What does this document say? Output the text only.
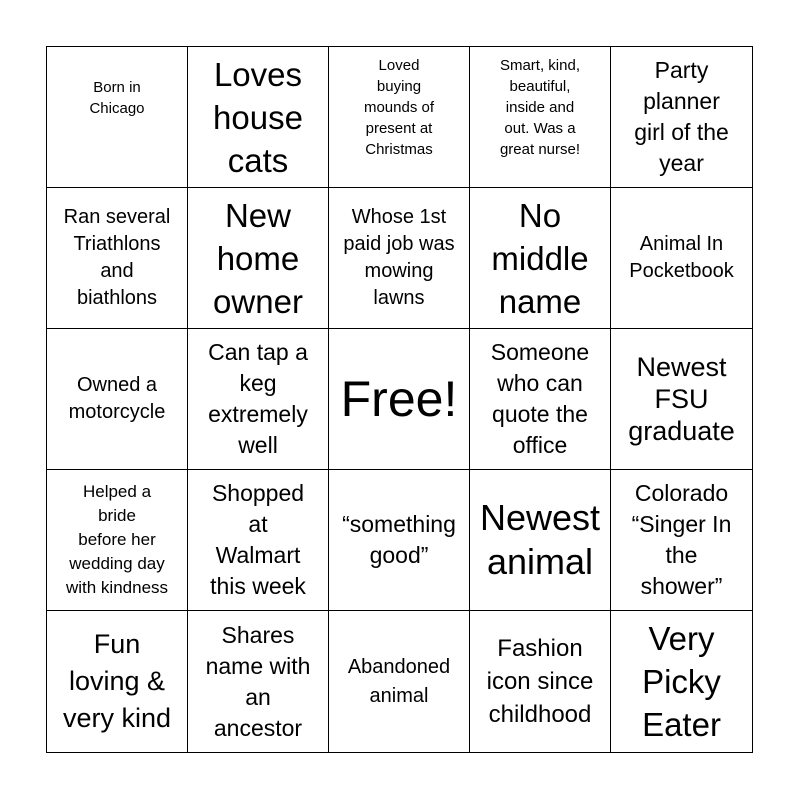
Born in
Chicago
Loves
house
cats
Loved
buying
mounds of
present at
Christmas
Smart, kind,
beautiful,
inside and
out. Was a
great nurse!
Party
planner
girl of the
year
Ran several
Triathlons
and
biathlons
New
home
owner
Whose 1st
paid job was
mowing
lawns
No
middle
name
Animal In
Pocketbook
Owned a
motorcycle
Can tap a
keg
extremely
well
Free!
Someone
who can
quote the
office
Newest
FSU
graduate
Helped a
bride
before her
wedding day
with kindness
Shopped
at
Walmart
this week
“something
good”
Newest
animal
Colorado
“Singer In
the
shower”
Fun
loving &
very kind
Shares
name with
an
ancestor
Abandoned
animal
Fashion
icon since
childhood
Very
Picky
Eater
